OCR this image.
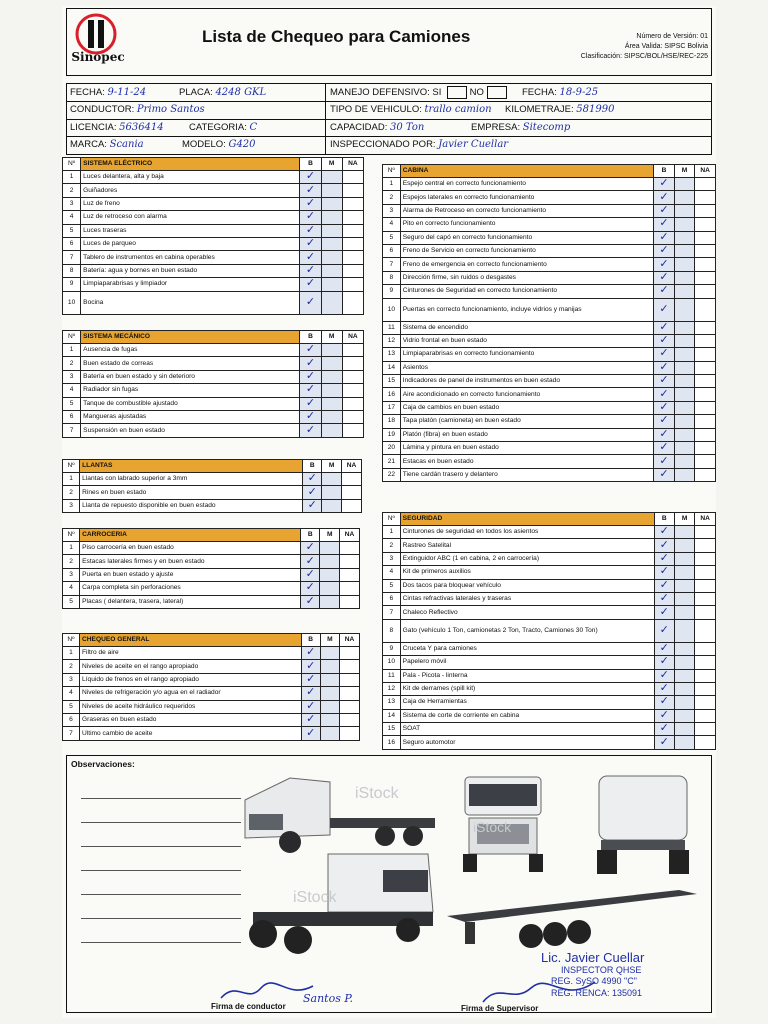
Sinopec
Lista de Chequeo para Camiones	Número de Versión: 01
Área Valida: SIPSC Bolivia
Clasificación: SIPSC/BOL/HSE/REC-225
FECHA: 9-11-24	PLACA: 4248 GKL
CONDUCTOR: Primo Santos
LICENCIA: 5636414	CATEGORIA: C
MARCA: Scania	MODELO: G420
MANEJO DEFENSIVO: SI	NO	FECHA: 18-9-25
TIPO DE VEHICULO: trallo camion KILOMETRAJE: 581990
CAPACIDAD: 30 Ton	EMPRESA: Sitecomp
INSPECCIONADO POR: Javier Cuellar
Nº	SISTEMA ELÉCTRICO	B	M	NA
1	Luces delantera, alta y baja	✓		
2	Guiñadores	✓		
3	Luz de freno	✓		
4	Luz de retroceso con alarma	✓		
5	Luces traseras	✓		
6	Luces de parqueo	✓		
7	Tablero de instrumentos en cabina operables	✓		
8	Batería: agua y bornes en buen estado	✓		
9	Limpiaparabrisas y limpiador	✓		
10	Bocina	✓		
Nº	SISTEMA MECÁNICO	B	M	NA
1	Ausencia de fugas	✓		
2	Buen estado de correas	✓		
3	Batería en buen estado y sin deterioro	✓		
4	Radiador sin fugas	✓		
5	Tanque de combustible ajustado	✓		
6	Mangueras ajustadas	✓		
7	Suspensión en buen estado	✓		
Nº	LLANTAS	B	M	NA
1	Llantas con labrado superior a 3mm	✓		
2	Rines en buen estado	✓		
3	Llanta de repuesto disponible en buen estado	✓		
Nº	CARROCERIA	B	M	NA
1	Piso carrocería en buen estado	✓		
2	Estacas laterales firmes y en buen estado	✓		
3	Puerta en buen estado y ajuste	✓		
4	Carpa completa sin perforaciones	✓		
5	Placas ( delantera, trasera, lateral)	✓		
Nº	CHEQUEO GENERAL	B	M	NA
1	Filtro de aire	✓		
2	Niveles de aceite en el rango apropiado	✓		
3	Líquido de frenos en el rango apropiado	✓		
4	Niveles de refrigeración y/o agua en el radiador	✓		
5	Niveles de aceite hidráulico requeridos	✓		
6	Graseras en buen estado	✓		
7	Ultimo cambio de aceite	✓		
Nº	CABINA	B	M	NA
1	Espejo central en correcto funcionamiento	✓		
2	Espejos laterales en correcto funcionamiento	✓		
3	Alarma de Retroceso en correcto funcionamiento	✓		
4	Pito en correcto funcionamiento	✓		
5	Seguro del capó en correcto funcionamiento	✓		
6	Freno de Servicio en correcto funcionamiento	✓		
7	Freno de emergencia en correcto funcionamiento	✓		
8	Dirección firme, sin ruidos o desgastes	✓		
9	Cinturones de Seguridad en correcto funcionamiento	✓		
10	Puertas en correcto funcionamiento, incluye vidrios y manijas	✓		
11	Sistema de encendido	✓		
12	Vidrio frontal en buen estado	✓		
13	Limpiaparabrisas en correcto funcionamiento	✓		
14	Asientos	✓		
15	Indicadores de panel de instrumentos en buen estado	✓		
16	Aire acondicionado en correcto funcionamiento	✓		
17	Caja de cambios en buen estado	✓		
18	Tapa platón (camioneta) en buen estado	✓		
19	Platón (fibra) en buen estado	✓		
20	Lámina y pintura en buen estado	✓		
21	Estacas en buen estado	✓		
22	Tiene cardán trasero y delantero	✓		
Nº	SEGURIDAD	B	M	NA
1	Cinturones de seguridad en todos los asientos	✓		
2	Rastreo Satelital	✓		
3	Extinguidor ABC (1 en cabina, 2 en carrocería)	✓		
4	Kit de primeros auxilios	✓		
5	Dos tacos para bloquear vehículo	✓		
6	Cintas refractivas laterales y traseras	✓		
7	Chaleco Reflectivo	✓		
8	Gato (vehículo 1 Ton, camionetas 2 Ton, Tracto, Camiones 30 Ton)	✓		
9	Cruceta Y para camiones	✓		
10	Papelero móvil	✓		
11	Pala - Picota - linterna	✓		
12	Kit de derrames (spill kit)	✓		
13	Caja de Herramientas	✓		
14	Sistema de corte de corriente en cabina	✓		
15	SOAT	✓		
16	Seguro automotor	✓		
Observaciones:
iStock
iStock
iStock
Lic. Javier Cuellar
INSPECTOR QHSE
REG. SySO 4990 "C"
REG. RENCA: 135091
Santos P.
Firma de conductor	Firma de Supervisor
